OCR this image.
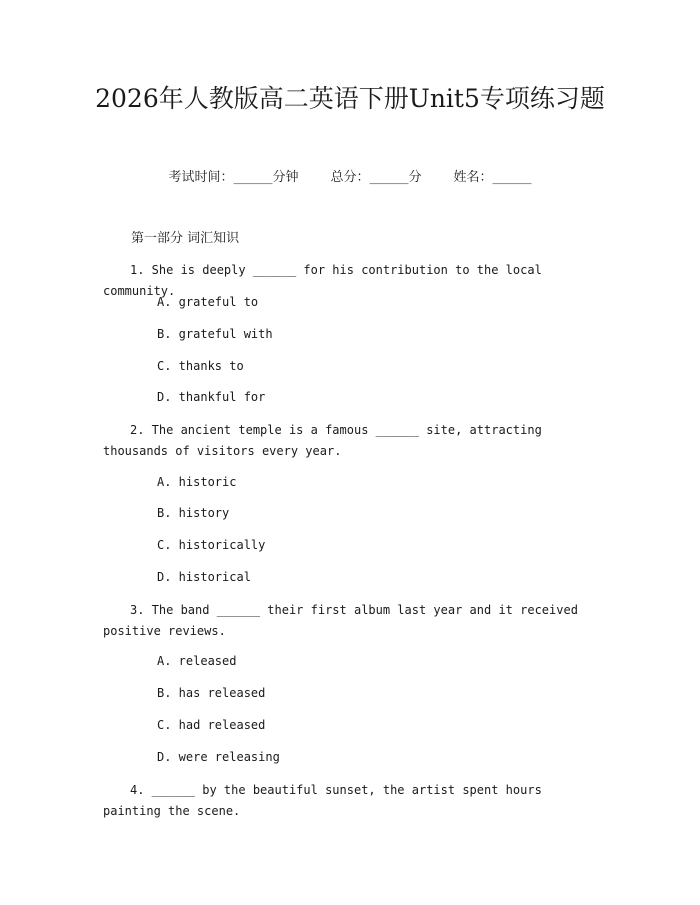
2026年人教版高二英语下册Unit5专项练习题
考试时间：______分钟 总分：______分 姓名：______
第一部分 词汇知识
1. She is deeply ______ for his contribution to the local community.
A. grateful to
B. grateful with
C. thanks to
D. thankful for
2. The ancient temple is a famous ______ site, attracting thousands of visitors every year.
A. historic
B. history
C. historically
D. historical
3. The band ______ their first album last year and it received positive reviews.
A. released
B. has released
C. had released
D. were releasing
4. ______ by the beautiful sunset, the artist spent hours painting the scene.
